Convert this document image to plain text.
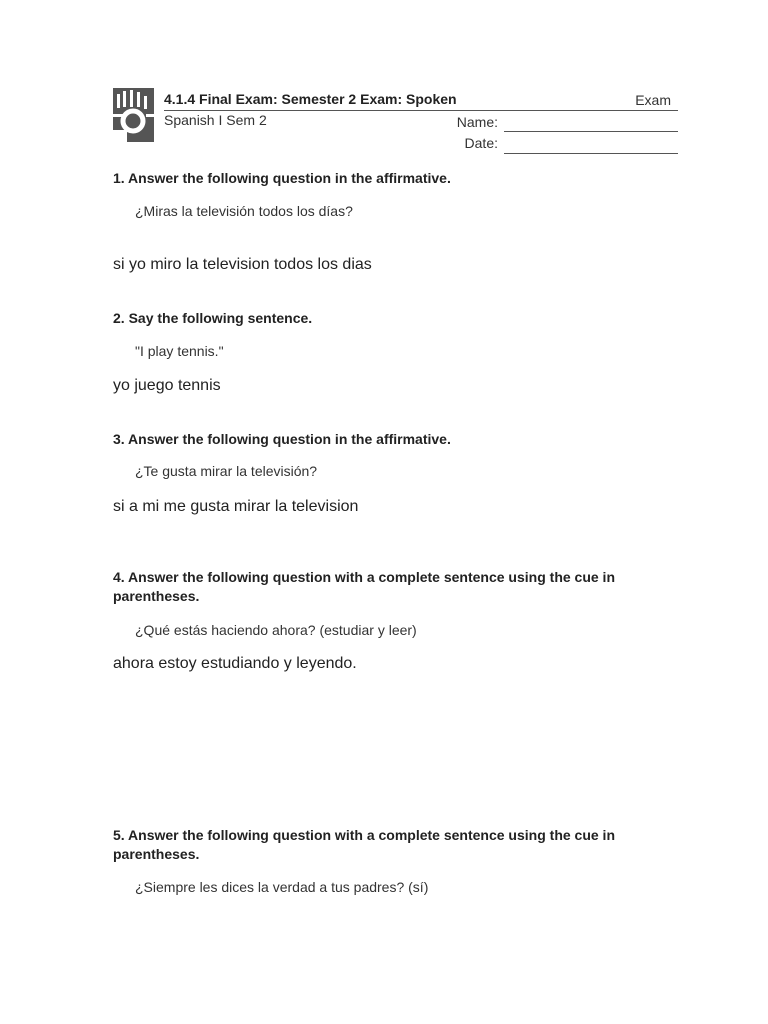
4.1.4 Final Exam: Semester 2 Exam: Spoken	Exam
Spanish I Sem 2	Name:
Date:
1. Answer the following question in the affirmative.
¿Miras la televisión todos los días?
si yo miro la television todos los dias
2. Say the following sentence.
"I play tennis."
yo juego tennis
3. Answer the following question in the affirmative.
¿Te gusta mirar la televisión?
si a mi me gusta mirar la television
4. Answer the following question with a complete sentence using the cue in parentheses.
¿Qué estás haciendo ahora? (estudiar y leer)
ahora estoy estudiando y leyendo.
5. Answer the following question with a complete sentence using the cue in parentheses.
¿Siempre les dices la verdad a tus padres? (sí)
